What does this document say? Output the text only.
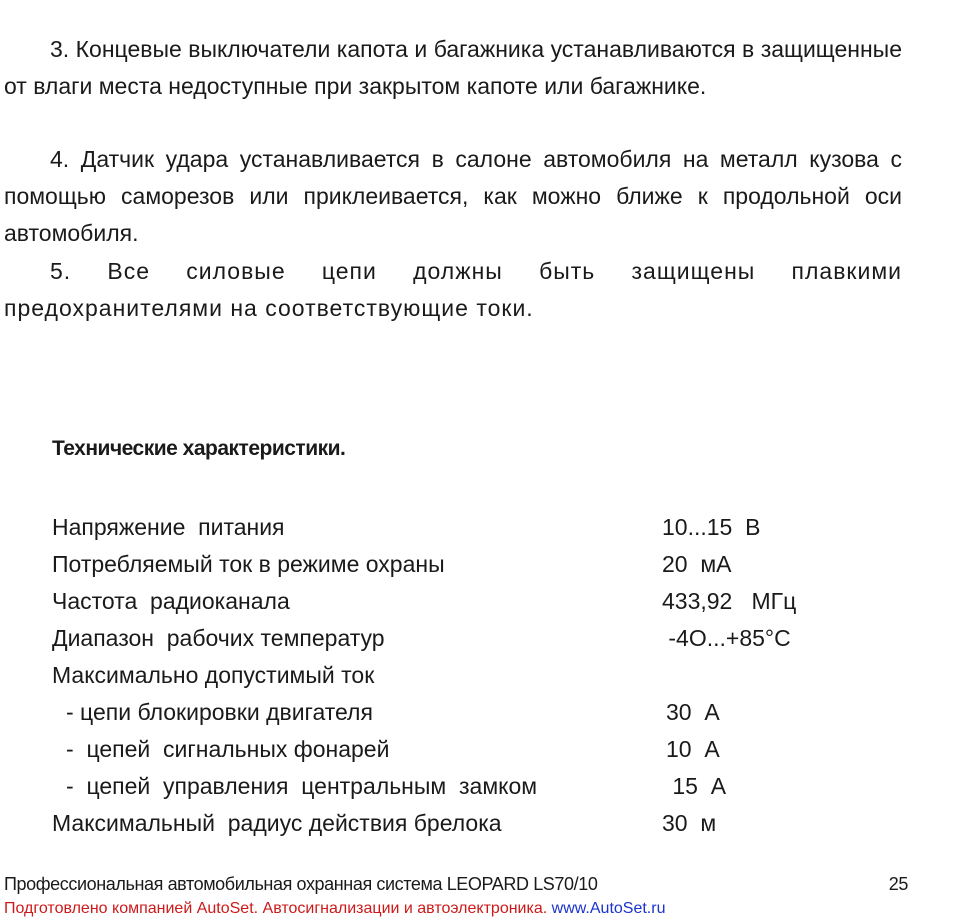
3. Концевые выключатели капота и багажника устанавливаются в защищенные от влаги места недоступные при закрытом капоте или багажнике.

4. Датчик удара устанавливается в салоне автомобиля на металл кузова с помощью саморезов или приклеивается, как можно ближе к продольной оси автомобиля.

5. Все силовые цепи должны быть защищены плавкими предохранителями на соответствующие токи.

Технические характеристики.
Напряжение  питания	10...15  В
Потребляемый ток в режиме охраны	20  мА
Частота  радиоканала	433,92   МГц
Диапазон  рабочих температур	-4О...+85°С
Максимально допустимый ток
- цепи блокировки двигателя	30  А
-  цепей  сигнальных фонарей	10  А
-  цепей  управления  центральным  замком	15  А
Максимальный  радиус действия брелока	30  м
Профессиональная автомобильная охранная система LEOPARD LS70/10	25
Подготовлено компанией AutoSet. Автосигнализации и автоэлектроника. www.AutoSet.ru
